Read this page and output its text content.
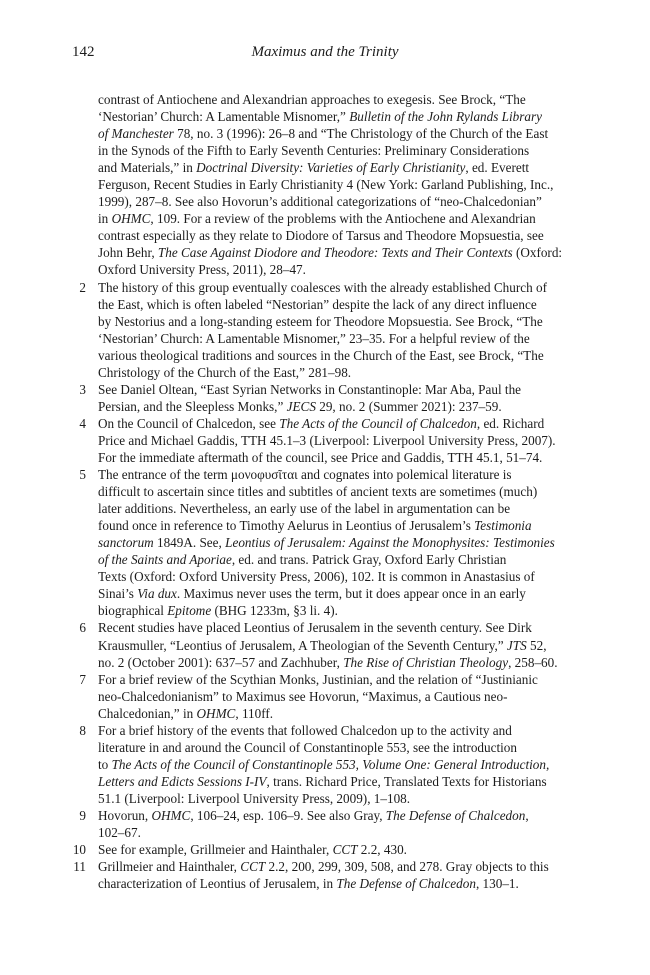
142	Maximus and the Trinity
contrast of Antiochene and Alexandrian approaches to exegesis. See Brock, “The
‘Nestorian’ Church: A Lamentable Misnomer,” Bulletin of the John Rylands Library
of Manchester 78, no. 3 (1996): 26–8 and “The Christology of the Church of the East
in the Synods of the Fifth to Early Seventh Centuries: Preliminary Considerations
and Materials,” in Doctrinal Diversity: Varieties of Early Christianity, ed. Everett
Ferguson, Recent Studies in Early Christianity 4 (New York: Garland Publishing, Inc.,
1999), 287–8. See also Hovorun’s additional categorizations of “neo-Chalcedonian”
in OHMC, 109. For a review of the problems with the Antiochene and Alexandrian
contrast especially as they relate to Diodore of Tarsus and Theodore Mopsuestia, see
John Behr, The Case Against Diodore and Theodore: Texts and Their Contexts (Oxford:
Oxford University Press, 2011), 28–47.
2 The history of this group eventually coalesces with the already established Church of
the East, which is often labeled “Nestorian” despite the lack of any direct influence
by Nestorius and a long-standing esteem for Theodore Mopsuestia. See Brock, “The
‘Nestorian’ Church: A Lamentable Misnomer,” 23–35. For a helpful review of the
various theological traditions and sources in the Church of the East, see Brock, “The
Christology of the Church of the East,” 281–98.
3 See Daniel Oltean, “East Syrian Networks in Constantinople: Mar Aba, Paul the
Persian, and the Sleepless Monks,” JECS 29, no. 2 (Summer 2021): 237–59.
4 On the Council of Chalcedon, see The Acts of the Council of Chalcedon, ed. Richard
Price and Michael Gaddis, TTH 45.1–3 (Liverpool: Liverpool University Press, 2007).
For the immediate aftermath of the council, see Price and Gaddis, TTH 45.1, 51–74.
5 The entrance of the term μονοφυσῖται and cognates into polemical literature is
difficult to ascertain since titles and subtitles of ancient texts are sometimes (much)
later additions. Nevertheless, an early use of the label in argumentation can be
found once in reference to Timothy Aelurus in Leontius of Jerusalem’s Testimonia
sanctorum 1849A. See, Leontius of Jerusalem: Against the Monophysites: Testimonies
of the Saints and Aporiae, ed. and trans. Patrick Gray, Oxford Early Christian
Texts (Oxford: Oxford University Press, 2006), 102. It is common in Anastasius of
Sinai’s Via dux. Maximus never uses the term, but it does appear once in an early
biographical Epitome (BHG 1233m, §3 li. 4).
6 Recent studies have placed Leontius of Jerusalem in the seventh century. See Dirk
Krausmuller, “Leontius of Jerusalem, A Theologian of the Seventh Century,” JTS 52,
no. 2 (October 2001): 637–57 and Zachhuber, The Rise of Christian Theology, 258–60.
7 For a brief review of the Scythian Monks, Justinian, and the relation of “Justinianic
neo-Chalcedonianism” to Maximus see Hovorun, “Maximus, a Cautious neo-
Chalcedonian,” in OHMC, 110ff.
8 For a brief history of the events that followed Chalcedon up to the activity and
literature in and around the Council of Constantinople 553, see the introduction
to The Acts of the Council of Constantinople 553, Volume One: General Introduction,
Letters and Edicts Sessions I-IV, trans. Richard Price, Translated Texts for Historians
51.1 (Liverpool: Liverpool University Press, 2009), 1–108.
9 Hovorun, OHMC, 106–24, esp. 106–9. See also Gray, The Defense of Chalcedon,
102–67.
10 See for example, Grillmeier and Hainthaler, CCT 2.2, 430.
11 Grillmeier and Hainthaler, CCT 2.2, 200, 299, 309, 508, and 278. Gray objects to this
characterization of Leontius of Jerusalem, in The Defense of Chalcedon, 130–1.
